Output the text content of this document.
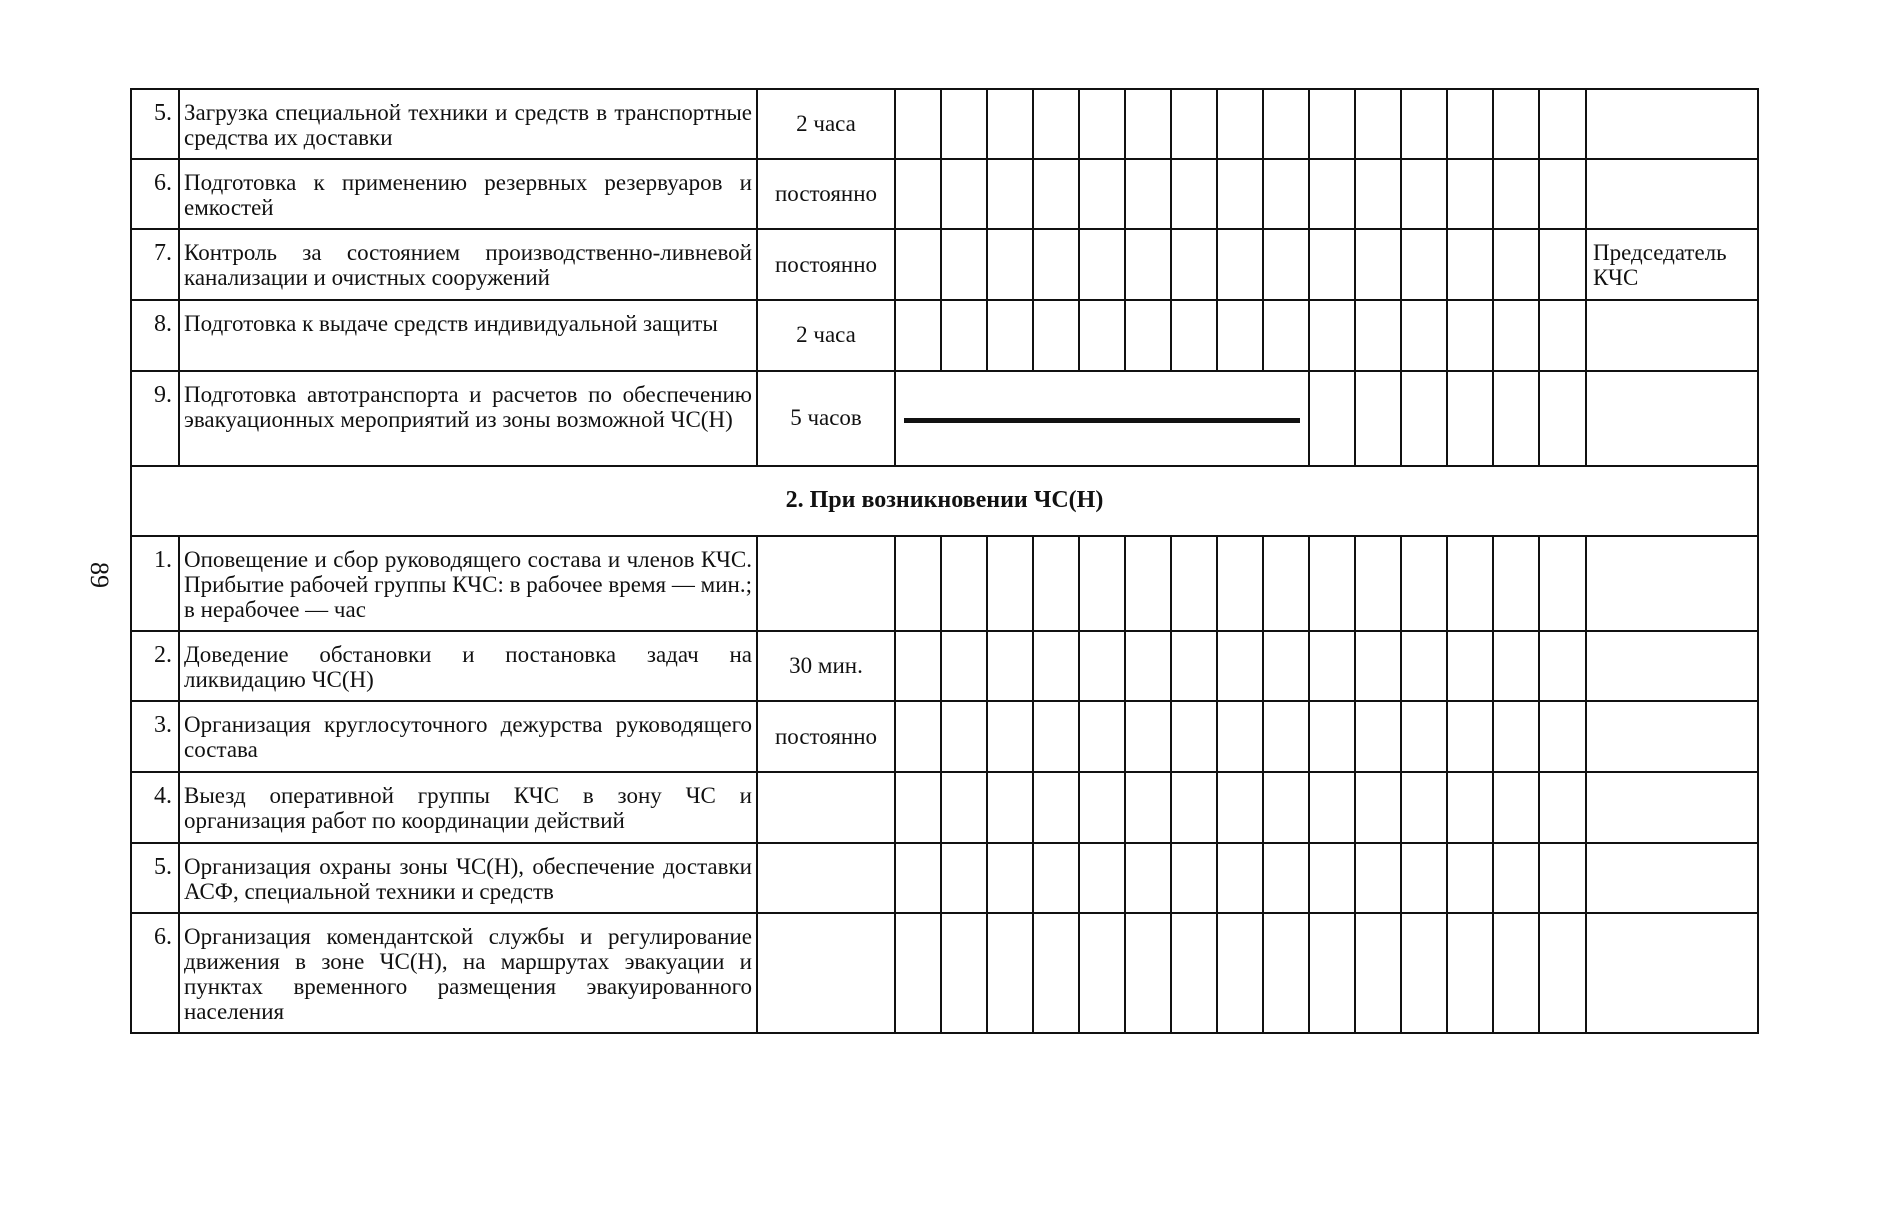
89
5.	Загрузка специальной техники и средств в транспортные средства их доставки	2 часа																
6.	Подготовка к применению резервных резервуаров и емкостей	постоянно																
7.	Контроль за состоянием производственно-ливневой канализации и очистных сооружений	постоянно																Председатель КЧС
8.	Подготовка к выдаче средств индивидуальной защиты	2 часа																
9.	Подготовка автотранспорта и расчетов по обеспечению эвакуационных мероприятий из зоны возможной ЧС(Н)	5 часов									

2. При возникновении ЧС(Н)																		
1.	Оповещение и сбор руководящего состава и членов КЧС. Прибытие рабочей группы КЧС: в рабочее время — мин.; в нерабочее — час																	
2.	Доведение обстановки и постановка задач на ликвидацию ЧС(Н)	30 мин.																
3.	Организация круглосуточного дежурства руководящего состава	постоянно																
4.	Выезд оперативной группы КЧС в зону ЧС и организация работ по координации действий																	
5.	Организация охраны зоны ЧС(Н), обеспечение доставки АСФ, специальной техники и средств																	
6.	Организация комендантской службы и регулирование движения в зоне ЧС(Н), на маршрутах эвакуации и пунктах временного размещения эвакуированного населения																	
